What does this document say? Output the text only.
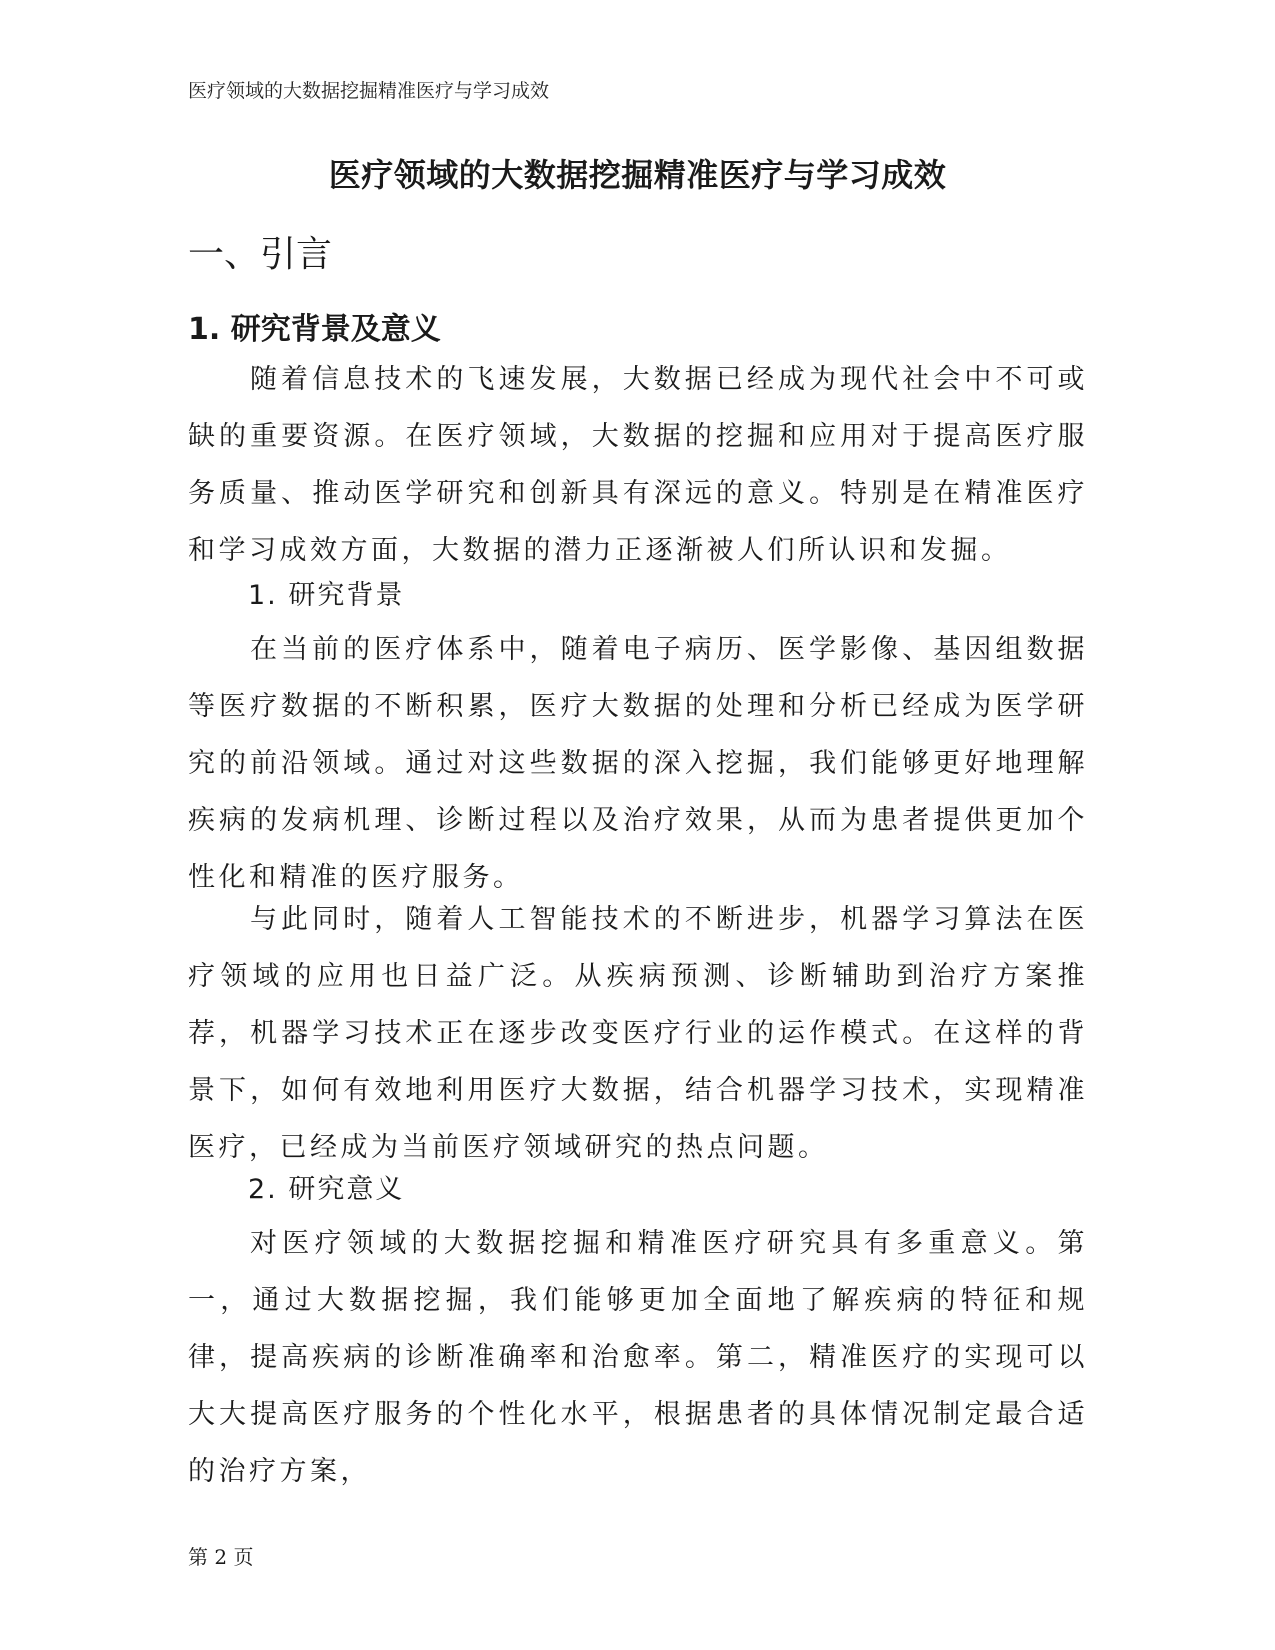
医疗领域的大数据挖掘精准医疗与学习成效
医疗领域的大数据挖掘精准医疗与学习成效
一、引言
1. 研究背景及意义

随着信息技术的飞速发展，大数据已经成为现代社会中不可或缺的重要资源。在医疗领域，大数据的挖掘和应用对于提高医疗服务质量、推动医学研究和创新具有深远的意义。特别是在精准医疗和学习成效方面，大数据的潜力正逐渐被人们所认识和发掘。

1. 研究背景

在当前的医疗体系中，随着电子病历、医学影像、基因组数据等医疗数据的不断积累，医疗大数据的处理和分析已经成为医学研究的前沿领域。通过对这些数据的深入挖掘，我们能够更好地理解疾病的发病机理、诊断过程以及治疗效果，从而为患者提供更加个性化和精准的医疗服务。

与此同时，随着人工智能技术的不断进步，机器学习算法在医疗领域的应用也日益广泛。从疾病预测、诊断辅助到治疗方案推荐，机器学习技术正在逐步改变医疗行业的运作模式。在这样的背景下，如何有效地利用医疗大数据，结合机器学习技术，实现精准医疗，已经成为当前医疗领域研究的热点问题。

2. 研究意义

对医疗领域的大数据挖掘和精准医疗研究具有多重意义。第一，通过大数据挖掘，我们能够更加全面地了解疾病的特征和规律，提高疾病的诊断准确率和治愈率。第二，精准医疗的实现可以大大提高医疗服务的个性化水平，根据患者的具体情况制定最合适的治疗方案，

第 2 页
